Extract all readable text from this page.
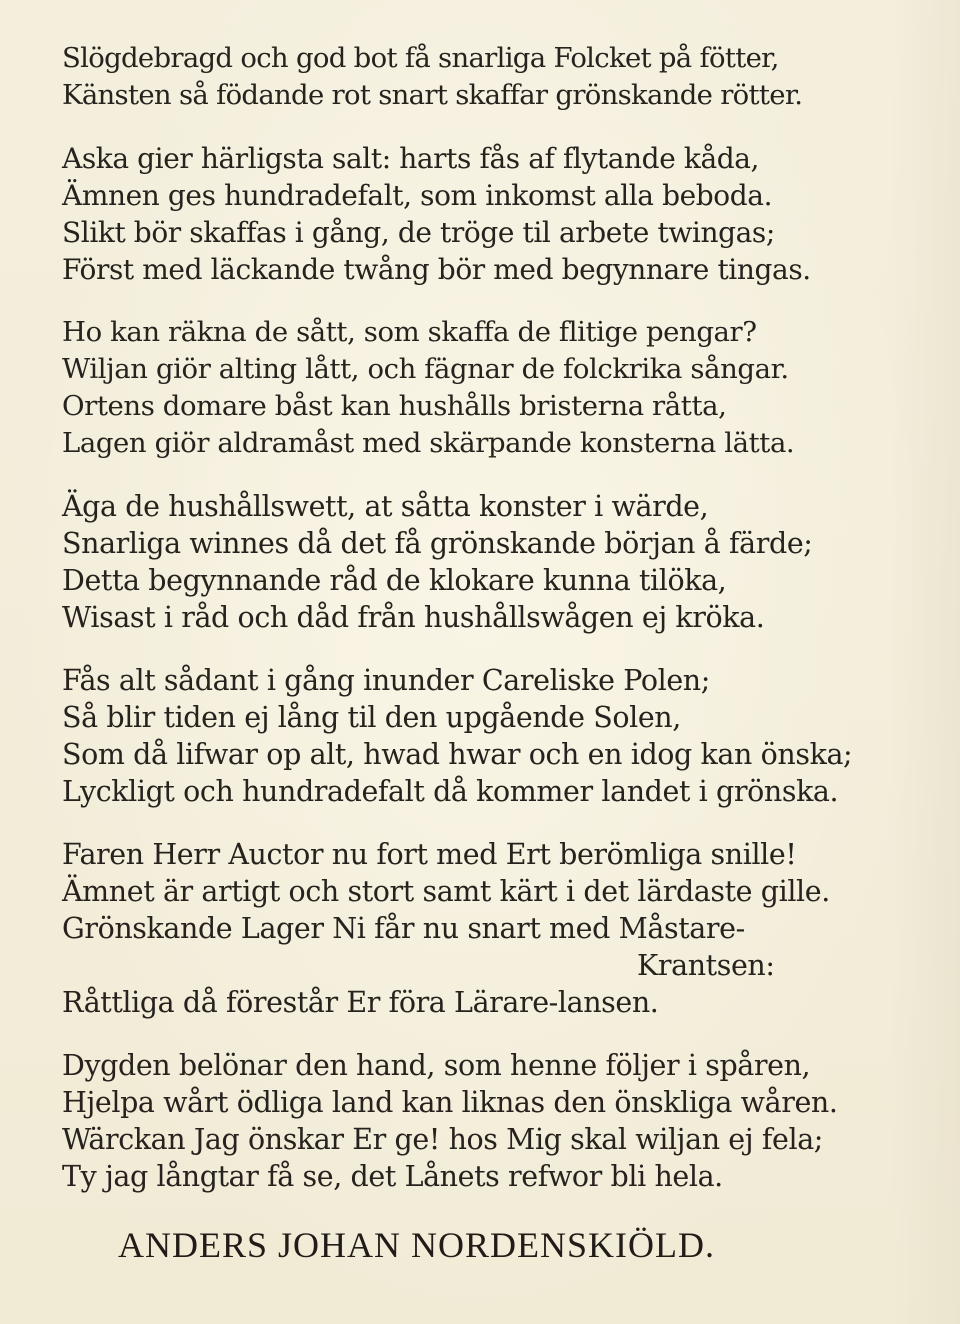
Slögdebragd och god bot få snarliga Folcket på fötter,
Känsten så födande rot snart skaffar grönskande rötter.
Aska gier härligsta salt: harts fås af flytande kåda,
Ämnen ges hundradefalt, som inkomst alla beboda.
Slikt bör skaffas i gång, de tröge til arbete twingas;
Först med läckande twång bör med begynnare tingas.
Ho kan räkna de sått, som skaffa de flitige pengar?
Wiljan giör alting lått, och fägnar de folckrika sångar.
Ortens domare båst kan hushålls bristerna råtta,
Lagen giör aldramåst med skärpande konsterna lätta.
Äga de hushållswett, at såtta konster i wärde,
Snarliga winnes då det få grönskande början å färde;
Detta begynnande råd de klokare kunna tilöka,
Wisast i råd och dåd från hushållswågen ej kröka.
Fås alt sådant i gång inunder Careliske Polen;
Så blir tiden ej lång til den upgående Solen,
Som då lifwar op alt, hwad hwar och en idog kan önska;
Lyckligt och hundradefalt då kommer landet i grönska.
Faren Herr Auctor nu fort med Ert berömliga snille!
Ämnet är artigt och stort samt kärt i det lärdaste gille.
Grönskande Lager Ni får nu snart med Måstare-
Krantsen:
Råttliga då förestår Er föra Lärare-lansen.
Dygden belönar den hand, som henne följer i spåren,
Hjelpa wårt ödliga land kan liknas den önskliga wåren.
Wärckan Jag önskar Er ge! hos Mig skal wiljan ej fela;
Ty jag långtar få se, det Lånets refwor bli hela.
ANDERS JOHAN NORDENSKIÖLD.
